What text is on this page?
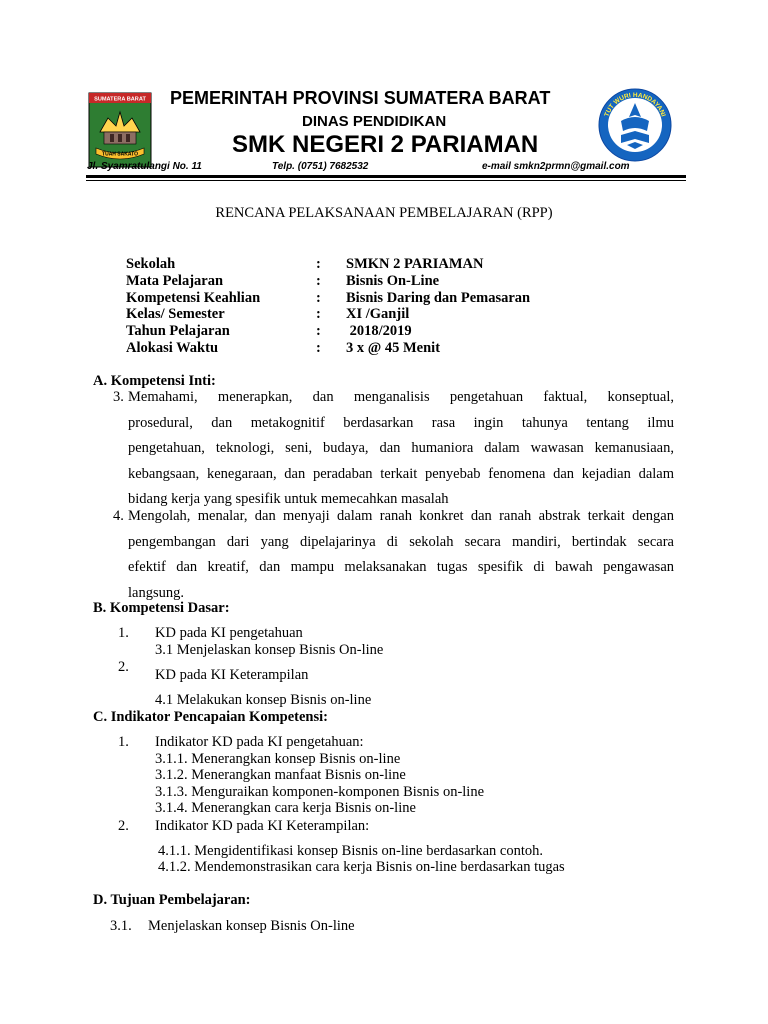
SUMATERA BARAT
TUAH SAKATO
TUT WURI HANDAYANI
PEMERINTAH PROVINSI SUMATERA BARAT
DINAS PENDIDIKAN
SMK NEGERI 2 PARIAMAN
Jl. Syamratulangi No. 11	Telp. (0751) 7682532	e-mail smkn2prmn@gmail.com
RENCANA PELAKSANAAN PEMBELAJARAN (RPP)
Sekolah	: SMKN 2 PARIAMAN
Mata Pelajaran	: Bisnis On-Line
Kompetensi Keahlian	: Bisnis Daring dan Pemasaran
Kelas/ Semester	: XI /Ganjil
Tahun Pelajaran	: 2018/2019
Alokasi Waktu	: 3 x @ 45 Menit
A. Kompetensi Inti:
3. Memahami, menerapkan, dan menganalisis pengetahuan faktual, konseptual,
prosedural, dan metakognitif berdasarkan rasa ingin tahunya tentang ilmu
pengetahuan, teknologi, seni, budaya, dan humaniora dalam wawasan kemanusiaan,
kebangsaan, kenegaraan, dan peradaban terkait penyebab fenomena dan kejadian dalam
bidang kerja yang spesifik untuk memecahkan masalah
4. Mengolah, menalar, dan menyaji dalam ranah konkret dan ranah abstrak terkait dengan
pengembangan dari yang dipelajarinya di sekolah secara mandiri, bertindak secara
efektif dan kreatif, dan mampu melaksanakan tugas spesifik di bawah pengawasan
langsung.
B. Kompetensi Dasar:
1. KD pada KI pengetahuan
3.1 Menjelaskan konsep Bisnis On-line
2. KD pada KI Keterampilan
4.1 Melakukan konsep Bisnis on-line
C. Indikator Pencapaian Kompetensi:
1. Indikator KD pada KI pengetahuan:
3.1.1. Menerangkan konsep Bisnis on-line
3.1.2. Menerangkan manfaat Bisnis on-line
3.1.3. Menguraikan komponen-komponen Bisnis on-line
3.1.4. Menerangkan cara kerja Bisnis on-line
2. Indikator KD pada KI Keterampilan:
4.1.1. Mengidentifikasi konsep Bisnis on-line berdasarkan contoh.
4.1.2. Mendemonstrasikan cara kerja Bisnis on-line berdasarkan tugas
D. Tujuan Pembelajaran:
3.1. Menjelaskan konsep Bisnis On-line
